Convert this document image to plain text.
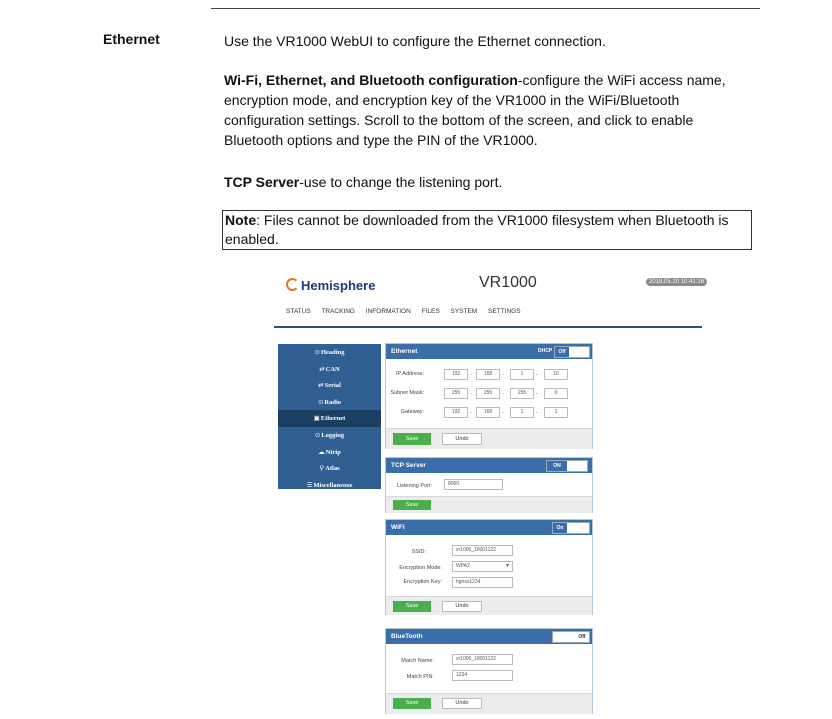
Ethernet	Use the VR1000 WebUI to configure the Ethernet connection.
Wi-Fi, Ethernet, and Bluetooth configuration-configure the WiFi access name, encryption mode, and encryption key of the VR1000 in the WiFi/Bluetooth configuration settings. Scroll to the bottom of the screen, and click to enable Bluetooth options and type the PIN of the VR1000.
TCP Server-use to change the listening port.
Note: Files cannot be downloaded from the VR1000 filesystem when Bluetooth is enabled.
Hemisphere	VR1000	2019.05.20 10:41:16
STATUS TRACKING INFORMATION FILES SYSTEM SETTINGS
⊙Heading
⇄CAN
⇄Serial
⊙Radio
▣Ethernet
⊙Logging
☁Ntrip
⚲Atlas
☰Miscellaneous
Ethernet	DHCP	Off
IP Address:	192	.	168	.	1	.	10
Subnet Mask:	255	.	255	.	255	.	0
Gateway:	192	.	168	.	1	.	1
Save	Undo
TCP Server	ON
Listening Port:	8060
Save
WiFi	On
SSID:	vr1000_18001122
Encryption Mode:	WPA2	▼
Encryption Key:	hgnss1234
Save	Undo
BlueTooth	Off
Match Name:	vr1000_18001122
Match PIN:	1234
Save	Undo
